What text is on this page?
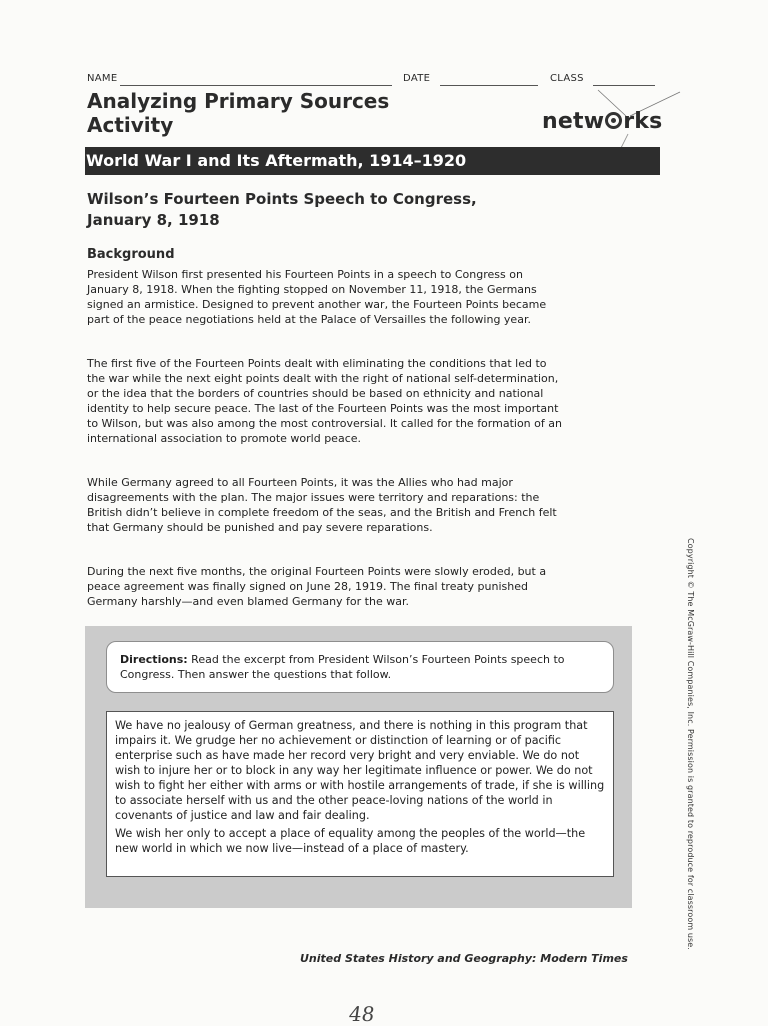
NAME	DATE	CLASS
Analyzing Primary Sources
Activity	netw rks
World War I and Its Aftermath, 1914–1920
Wilson’s Fourteen Points Speech to Congress,
January 8, 1918
Background
President Wilson first presented his Fourteen Points in a speech to Congress on January 8, 1918. When the fighting stopped on November 11, 1918, the Germans signed an armistice. Designed to prevent another war, the Fourteen Points became part of the peace negotiations held at the Palace of Versailles the following year.
The first five of the Fourteen Points dealt with eliminating the conditions that led to the war while the next eight points dealt with the right of national self-determination, or the idea that the borders of countries should be based on ethnicity and national identity to help secure peace. The last of the Fourteen Points was the most important to Wilson, but was also among the most controversial. It called for the formation of an international association to promote world peace.
While Germany agreed to all Fourteen Points, it was the Allies who had major disagreements with the plan. The major issues were territory and reparations: the British didn’t believe in complete freedom of the seas, and the British and French felt that Germany should be punished and pay severe reparations.
During the next five months, the original Fourteen Points were slowly eroded, but a peace agreement was finally signed on June 28, 1919. The final treaty punished Germany harshly—and even blamed Germany for the war.
Directions: Read the excerpt from President Wilson’s Fourteen Points speech to Congress. Then answer the questions that follow.

We have no jealousy of German greatness, and there is nothing in this program that impairs it. We grudge her no achievement or distinction of learning or of pacific enterprise such as have made her record very bright and very enviable. We do not wish to injure her or to block in any way her legitimate influence or power. We do not wish to fight her either with arms or with hostile arrangements of trade, if she is willing to associate herself with us and the other peace-loving nations of the world in covenants of justice and law and fair dealing.

We wish her only to accept a place of equality among the peoples of the world—the new world in which we now live—instead of a place of mastery.	Copyright © The McGraw-Hill Companies, Inc. Permission is granted to reproduce for classroom use.
United States History and Geography: Modern Times
48
